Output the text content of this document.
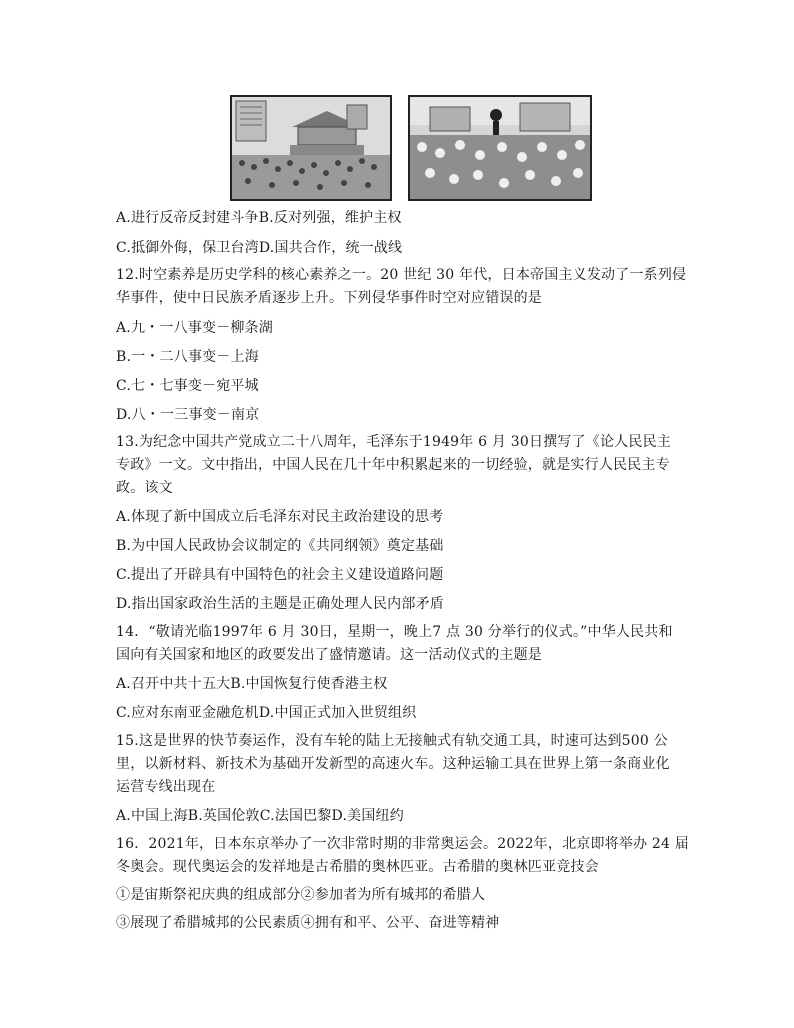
A.进行反帝反封建斗争B.反对列强，维护主权
C.抵御外侮，保卫台湾D.国共合作，统一战线
12.时空素养是历史学科的核心素养之一。20 世纪 30 年代，日本帝国主义发动了一系列侵
华事件，使中日民族矛盾逐步上升。下列侵华事件时空对应错误的是
A.九・一八事变－柳条湖
B.一・二八事变－上海
C.七・七事变－宛平城
D.八・一三事变－南京
13.为纪念中国共产党成立二十八周年，毛泽东于1949年 6 月 30日撰写了《论人民民主
专政》一文。文中指出，中国人民在几十年中积累起来的一切经验，就是实行人民民主专
政。该文
A.体现了新中国成立后毛泽东对民主政治建设的思考
B.为中国人民政协会议制定的《共同纲领》奠定基础
C.提出了开辟具有中国特色的社会主义建设道路问题
D.指出国家政治生活的主题是正确处理人民内部矛盾
14．“敬请光临1997年 6 月 30日，星期一，晚上7 点 30 分举行的仪式。”中华人民共和
国向有关国家和地区的政要发出了盛情邀请。这一活动仪式的主题是
A.召开中共十五大B.中国恢复行使香港主权
C.应对东南亚金融危机D.中国正式加入世贸组织
15.这是世界的快节奏运作，没有车轮的陆上无接触式有轨交通工具，时速可达到500 公
里，以新材料、新技术为基础开发新型的高速火车。这种运输工具在世界上第一条商业化
运营专线出现在
A.中国上海B.英国伦敦C.法国巴黎D.美国纽约
16．2021年，日本东京举办了一次非常时期的非常奥运会。2022年，北京即将举办 24 届
冬奥会。现代奥运会的发祥地是古希腊的奥林匹亚。古希腊的奥林匹亚竞技会
①是宙斯祭祀庆典的组成部分②参加者为所有城邦的希腊人
③展现了希腊城邦的公民素质④拥有和平、公平、奋进等精神
